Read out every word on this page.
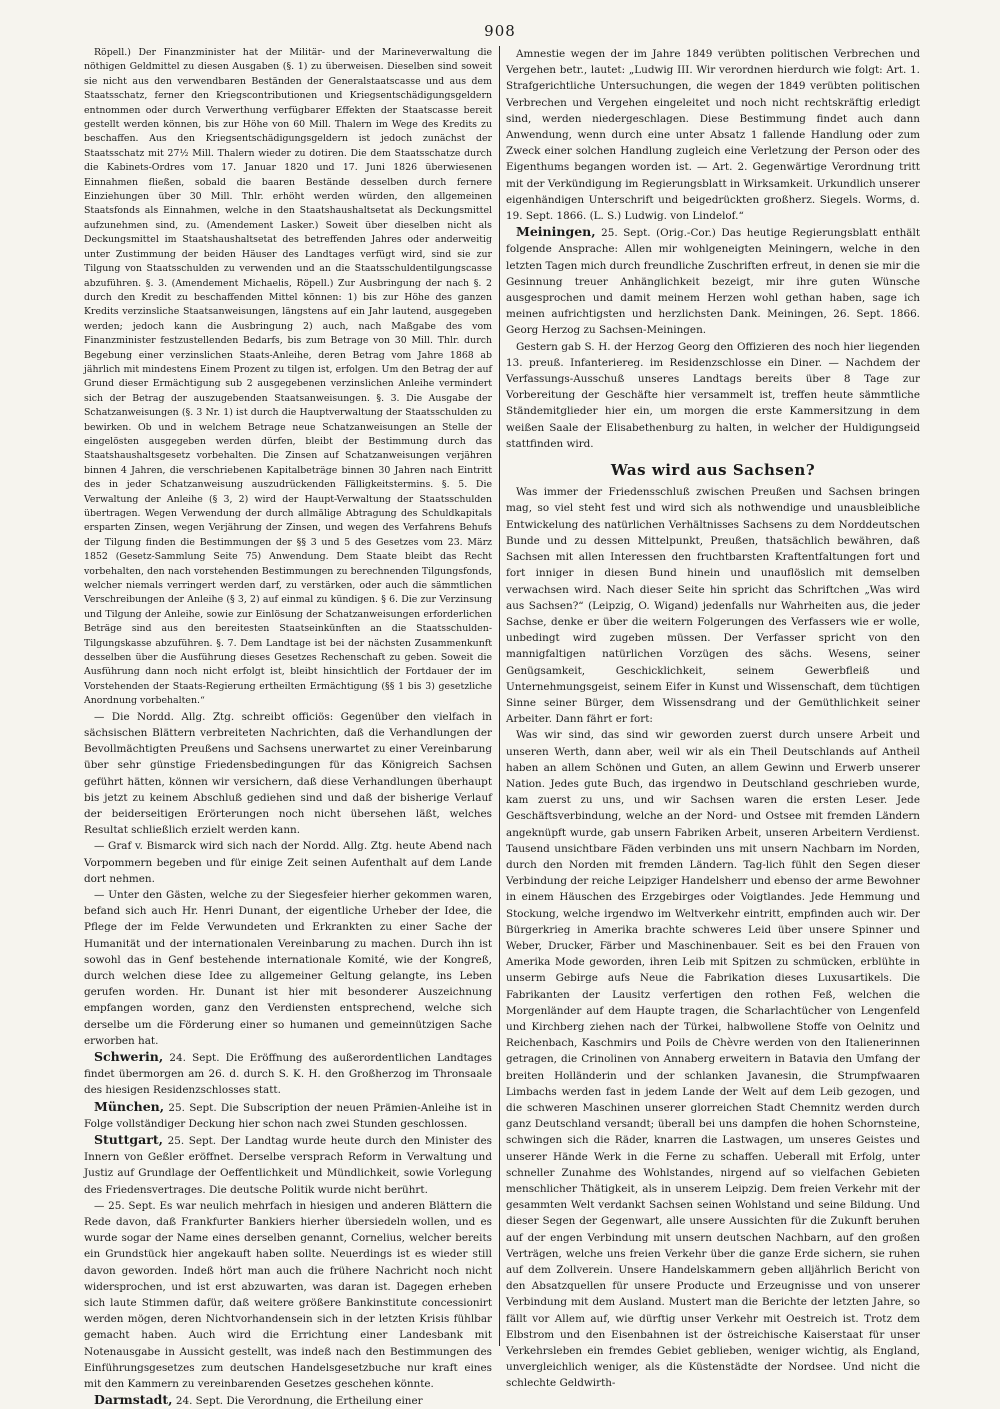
908

Röpell.) Der Finanzminister hat der Militär- und der Marineverwaltung die nöthigen Geldmittel zu diesen Ausgaben (§. 1) zu überweisen. Dieselben sind soweit sie nicht aus den verwendbaren Beständen der Generalstaatscasse und aus dem Staatsschatz, ferner den Kriegscontributionen und Kriegsentschädigungsgeldern entnommen oder durch Verwerthung verfügbarer Effekten der Staatscasse bereit gestellt werden können, bis zur Höhe von 60 Mill. Thalern im Wege des Kredits zu beschaffen. Aus den Kriegsentschädigungsgeldern ist jedoch zunächst der Staatsschatz mit 27½ Mill. Thalern wieder zu dotiren. Die dem Staatsschatze durch die Kabinets-Ordres vom 17. Januar 1820 und 17. Juni 1826 überwiesenen Einnahmen fließen, sobald die baaren Bestände desselben durch fernere Einziehungen über 30 Mill. Thlr. erhöht werden würden, den allgemeinen Staatsfonds als Einnahmen, welche in den Staatshaushaltsetat als Deckungsmittel aufzunehmen sind, zu. (Amendement Lasker.) Soweit über dieselben nicht als Deckungsmittel im Staatshaushaltsetat des betreffenden Jahres oder anderweitig unter Zustimmung der beiden Häuser des Landtages verfügt wird, sind sie zur Tilgung von Staatsschulden zu verwenden und an die Staatsschuldentilgungscasse abzuführen. §. 3. (Amendement Michaelis, Röpell.) Zur Ausbringung der nach §. 2 durch den Kredit zu beschaffenden Mittel können: 1) bis zur Höhe des ganzen Kredits verzinsliche Staatsanweisungen, längstens auf ein Jahr lautend, ausgegeben werden; jedoch kann die Ausbringung 2) auch, nach Maßgabe des vom Finanzminister festzustellenden Bedarfs, bis zum Betrage von 30 Mill. Thlr. durch Begebung einer verzinslichen Staats-Anleihe, deren Betrag vom Jahre 1868 ab jährlich mit mindestens Einem Prozent zu tilgen ist, erfolgen. Um den Betrag der auf Grund dieser Ermächtigung sub 2 ausgegebenen verzinslichen Anleihe vermindert sich der Betrag der auszugebenden Staatsanweisungen. §. 3. Die Ausgabe der Schatzanweisungen (§. 3 Nr. 1) ist durch die Hauptverwaltung der Staatsschulden zu bewirken. Ob und in welchem Betrage neue Schatzanweisungen an Stelle der eingelösten ausgegeben werden dürfen, bleibt der Bestimmung durch das Staatshaushaltsgesetz vorbehalten. Die Zinsen auf Schatzanweisungen verjähren binnen 4 Jahren, die verschriebenen Kapitalbeträge binnen 30 Jahren nach Eintritt des in jeder Schatzanweisung auszudrückenden Fälligkeitstermins. §. 5. Die Verwaltung der Anleihe (§ 3, 2) wird der Haupt-Verwaltung der Staatsschulden übertragen. Wegen Verwendung der durch allmälige Abtragung des Schuldkapitals ersparten Zinsen, wegen Verjährung der Zinsen, und wegen des Verfahrens Behufs der Tilgung finden die Bestimmungen der §§ 3 und 5 des Gesetzes vom 23. März 1852 (Gesetz-Sammlung Seite 75) Anwendung. Dem Staate bleibt das Recht vorbehalten, den nach vorstehenden Bestimmungen zu berechnenden Tilgungsfonds, welcher niemals verringert werden darf, zu verstärken, oder auch die sämmtlichen Verschreibungen der Anleihe (§ 3, 2) auf einmal zu kündigen. § 6. Die zur Verzinsung und Tilgung der Anleihe, sowie zur Einlösung der Schatzanweisungen erforderlichen Beträge sind aus den bereitesten Staatseinkünften an die Staatsschulden-Tilgungskasse abzuführen. §. 7. Dem Landtage ist bei der nächsten Zusammenkunft desselben über die Ausführung dieses Gesetzes Rechenschaft zu geben. Soweit die Ausführung dann noch nicht erfolgt ist, bleibt hinsichtlich der Fortdauer der im Vorstehenden der Staats-Regierung ertheilten Ermächtigung (§§ 1 bis 3) gesetzliche Anordnung vorbehalten.“

— Die Nordd. Allg. Ztg. schreibt officiös: Gegenüber den vielfach in sächsischen Blättern verbreiteten Nachrichten, daß die Verhandlungen der Bevollmächtigten Preußens und Sachsens unerwartet zu einer Vereinbarung über sehr günstige Friedensbedingungen für das Königreich Sachsen geführt hätten, können wir versichern, daß diese Verhandlungen überhaupt bis jetzt zu keinem Abschluß gediehen sind und daß der bisherige Verlauf der beiderseitigen Erörterungen noch nicht übersehen läßt, welches Resultat schließlich erzielt werden kann.

— Graf v. Bismarck wird sich nach der Nordd. Allg. Ztg. heute Abend nach Vorpommern begeben und für einige Zeit seinen Aufenthalt auf dem Lande dort nehmen.

— Unter den Gästen, welche zu der Siegesfeier hierher gekommen waren, befand sich auch Hr. Henri Dunant, der eigentliche Urheber der Idee, die Pflege der im Felde Verwundeten und Erkrankten zu einer Sache der Humanität und der internationalen Vereinbarung zu machen. Durch ihn ist sowohl das in Genf bestehende internationale Komité, wie der Kongreß, durch welchen diese Idee zu allgemeiner Geltung gelangte, ins Leben gerufen worden. Hr. Dunant ist hier mit besonderer Auszeichnung empfangen worden, ganz den Verdiensten entsprechend, welche sich derselbe um die Förderung einer so humanen und gemeinnützigen Sache erworben hat.

Schwerin, 24. Sept. Die Eröffnung des außerordentlichen Landtages findet übermorgen am 26. d. durch S. K. H. den Großherzog im Thronsaale des hiesigen Residenzschlosses statt.

München, 25. Sept. Die Subscription der neuen Prämien-Anleihe ist in Folge vollständiger Deckung hier schon nach zwei Stunden geschlossen.

Stuttgart, 25. Sept. Der Landtag wurde heute durch den Minister des Innern von Geßler eröffnet. Derselbe versprach Reform in Verwaltung und Justiz auf Grundlage der Oeffentlichkeit und Mündlichkeit, sowie Vorlegung des Friedensvertrages. Die deutsche Politik wurde nicht berührt.

— 25. Sept. Es war neulich mehrfach in hiesigen und anderen Blättern die Rede davon, daß Frankfurter Bankiers hierher übersiedeln wollen, und es wurde sogar der Name eines derselben genannt, Cornelius, welcher bereits ein Grundstück hier angekauft haben sollte. Neuerdings ist es wieder still davon geworden. Indeß hört man auch die frühere Nachricht noch nicht widersprochen, und ist erst abzuwarten, was daran ist. Dagegen erheben sich laute Stimmen dafür, daß weitere größere Bankinstitute concessionirt werden mögen, deren Nichtvorhandensein sich in der letzten Krisis fühlbar gemacht haben. Auch wird die Errichtung einer Landesbank mit Notenausgabe in Aussicht gestellt, was indeß nach den Bestimmungen des Einführungsgesetzes zum deutschen Handelsgesetzbuche nur kraft eines mit den Kammern zu vereinbarenden Gesetzes geschehen könnte.

Darmstadt, 24. Sept. Die Verordnung, die Ertheilung einer

Amnestie wegen der im Jahre 1849 verübten politischen Verbrechen und Vergehen betr., lautet: „Ludwig III. Wir verordnen hierdurch wie folgt: Art. 1. Strafgerichtliche Untersuchungen, die wegen der 1849 verübten politischen Verbrechen und Vergehen eingeleitet und noch nicht rechtskräftig erledigt sind, werden niedergeschlagen. Diese Bestimmung findet auch dann Anwendung, wenn durch eine unter Absatz 1 fallende Handlung oder zum Zweck einer solchen Handlung zugleich eine Verletzung der Person oder des Eigenthums begangen worden ist. — Art. 2. Gegenwärtige Verordnung tritt mit der Verkündigung im Regierungsblatt in Wirksamkeit. Urkundlich unserer eigenhändigen Unterschrift und beigedrückten großherz. Siegels. Worms, d. 19. Sept. 1866. (L. S.) Ludwig. von Lindelof.“

Meiningen, 25. Sept. (Orig.-Cor.) Das heutige Regierungsblatt enthält folgende Ansprache: Allen mir wohlgeneigten Meiningern, welche in den letzten Tagen mich durch freundliche Zuschriften erfreut, in denen sie mir die Gesinnung treuer Anhänglichkeit bezeigt, mir ihre guten Wünsche ausgesprochen und damit meinem Herzen wohl gethan haben, sage ich meinen aufrichtigsten und herzlichsten Dank. Meiningen, 26. Sept. 1866. Georg Herzog zu Sachsen-Meiningen.

Gestern gab S. H. der Herzog Georg den Offizieren des noch hier liegenden 13. preuß. Infanteriereg. im Residenzschlosse ein Diner. — Nachdem der Verfassungs-Ausschuß unseres Landtags bereits über 8 Tage zur Vorbereitung der Geschäfte hier versammelt ist, treffen heute sämmtliche Ständemitglieder hier ein, um morgen die erste Kammersitzung in dem weißen Saale der Elisabethenburg zu halten, in welcher der Huldigungseid stattfinden wird.

Was wird aus Sachsen?

Was immer der Friedensschluß zwischen Preußen und Sachsen bringen mag, so viel steht fest und wird sich als nothwendige und unausbleibliche Entwickelung des natürlichen Verhältnisses Sachsens zu dem Norddeutschen Bunde und zu dessen Mittelpunkt, Preußen, thatsächlich bewähren, daß Sachsen mit allen Interessen den fruchtbarsten Kraftentfaltungen fort und fort inniger in diesen Bund hinein und unauflöslich mit demselben verwachsen wird. Nach dieser Seite hin spricht das Schriftchen „Was wird aus Sachsen?“ (Leipzig, O. Wigand) jedenfalls nur Wahrheiten aus, die jeder Sachse, denke er über die weitern Folgerungen des Verfassers wie er wolle, unbedingt wird zugeben müssen. Der Verfasser spricht von den mannigfaltigen natürlichen Vorzügen des sächs. Wesens, seiner Genügsamkeit, Geschicklichkeit, seinem Gewerbfleiß und Unternehmungsgeist, seinem Eifer in Kunst und Wissenschaft, dem tüchtigen Sinne seiner Bürger, dem Wissensdrang und der Gemüthlichkeit seiner Arbeiter. Dann fährt er fort:

Was wir sind, das sind wir geworden zuerst durch unsere Arbeit und unseren Werth, dann aber, weil wir als ein Theil Deutschlands auf Antheil haben an allem Schönen und Guten, an allem Gewinn und Erwerb unserer Nation. Jedes gute Buch, das irgendwo in Deutschland geschrieben wurde, kam zuerst zu uns, und wir Sachsen waren die ersten Leser. Jede Geschäftsverbindung, welche an der Nord- und Ostsee mit fremden Ländern angeknüpft wurde, gab unsern Fabriken Arbeit, unseren Arbeitern Verdienst. Tausend unsichtbare Fäden verbinden uns mit unsern Nachbarn im Norden, durch den Norden mit fremden Ländern. Tag-lich fühlt den Segen dieser Verbindung der reiche Leipziger Handelsherr und ebenso der arme Bewohner in einem Häuschen des Erzgebirges oder Voigtlandes. Jede Hemmung und Stockung, welche irgendwo im Weltverkehr eintritt, empfinden auch wir. Der Bürgerkrieg in Amerika brachte schweres Leid über unsere Spinner und Weber, Drucker, Färber und Maschinenbauer. Seit es bei den Frauen von Amerika Mode geworden, ihren Leib mit Spitzen zu schmücken, erblühte in unserm Gebirge aufs Neue die Fabrikation dieses Luxusartikels. Die Fabrikanten der Lausitz verfertigen den rothen Feß, welchen die Morgenländer auf dem Haupte tragen, die Scharlachtücher von Lengenfeld und Kirchberg ziehen nach der Türkei, halbwollene Stoffe von Oelnitz und Reichenbach, Kaschmirs und Poils de Chèvre werden von den Italienerinnen getragen, die Crinolinen von Annaberg erweitern in Batavia den Umfang der breiten Holländerin und der schlanken Javanesin, die Strumpfwaaren Limbachs werden fast in jedem Lande der Welt auf dem Leib gezogen, und die schweren Maschinen unserer glorreichen Stadt Chemnitz werden durch ganz Deutschland versandt; überall bei uns dampfen die hohen Schornsteine, schwingen sich die Räder, knarren die Lastwagen, um unseres Geistes und unserer Hände Werk in die Ferne zu schaffen. Ueberall mit Erfolg, unter schneller Zunahme des Wohlstandes, nirgend auf so vielfachen Gebieten menschlicher Thätigkeit, als in unserem Leipzig. Dem freien Verkehr mit der gesammten Welt verdankt Sachsen seinen Wohlstand und seine Bildung. Und dieser Segen der Gegenwart, alle unsere Aussichten für die Zukunft beruhen auf der engen Verbindung mit unsern deutschen Nachbarn, auf den großen Verträgen, welche uns freien Verkehr über die ganze Erde sichern, sie ruhen auf dem Zollverein. Unsere Handelskammern geben alljährlich Bericht von den Absatzquellen für unsere Producte und Erzeugnisse und von unserer Verbindung mit dem Ausland. Mustert man die Berichte der letzten Jahre, so fällt vor Allem auf, wie dürftig unser Verkehr mit Oestreich ist. Trotz dem Elbstrom und den Eisenbahnen ist der östreichische Kaiserstaat für unser Verkehrsleben ein fremdes Gebiet geblieben, weniger wichtig, als England, unvergleichlich weniger, als die Küstenstädte der Nordsee. Und nicht die schlechte Geldwirth-
